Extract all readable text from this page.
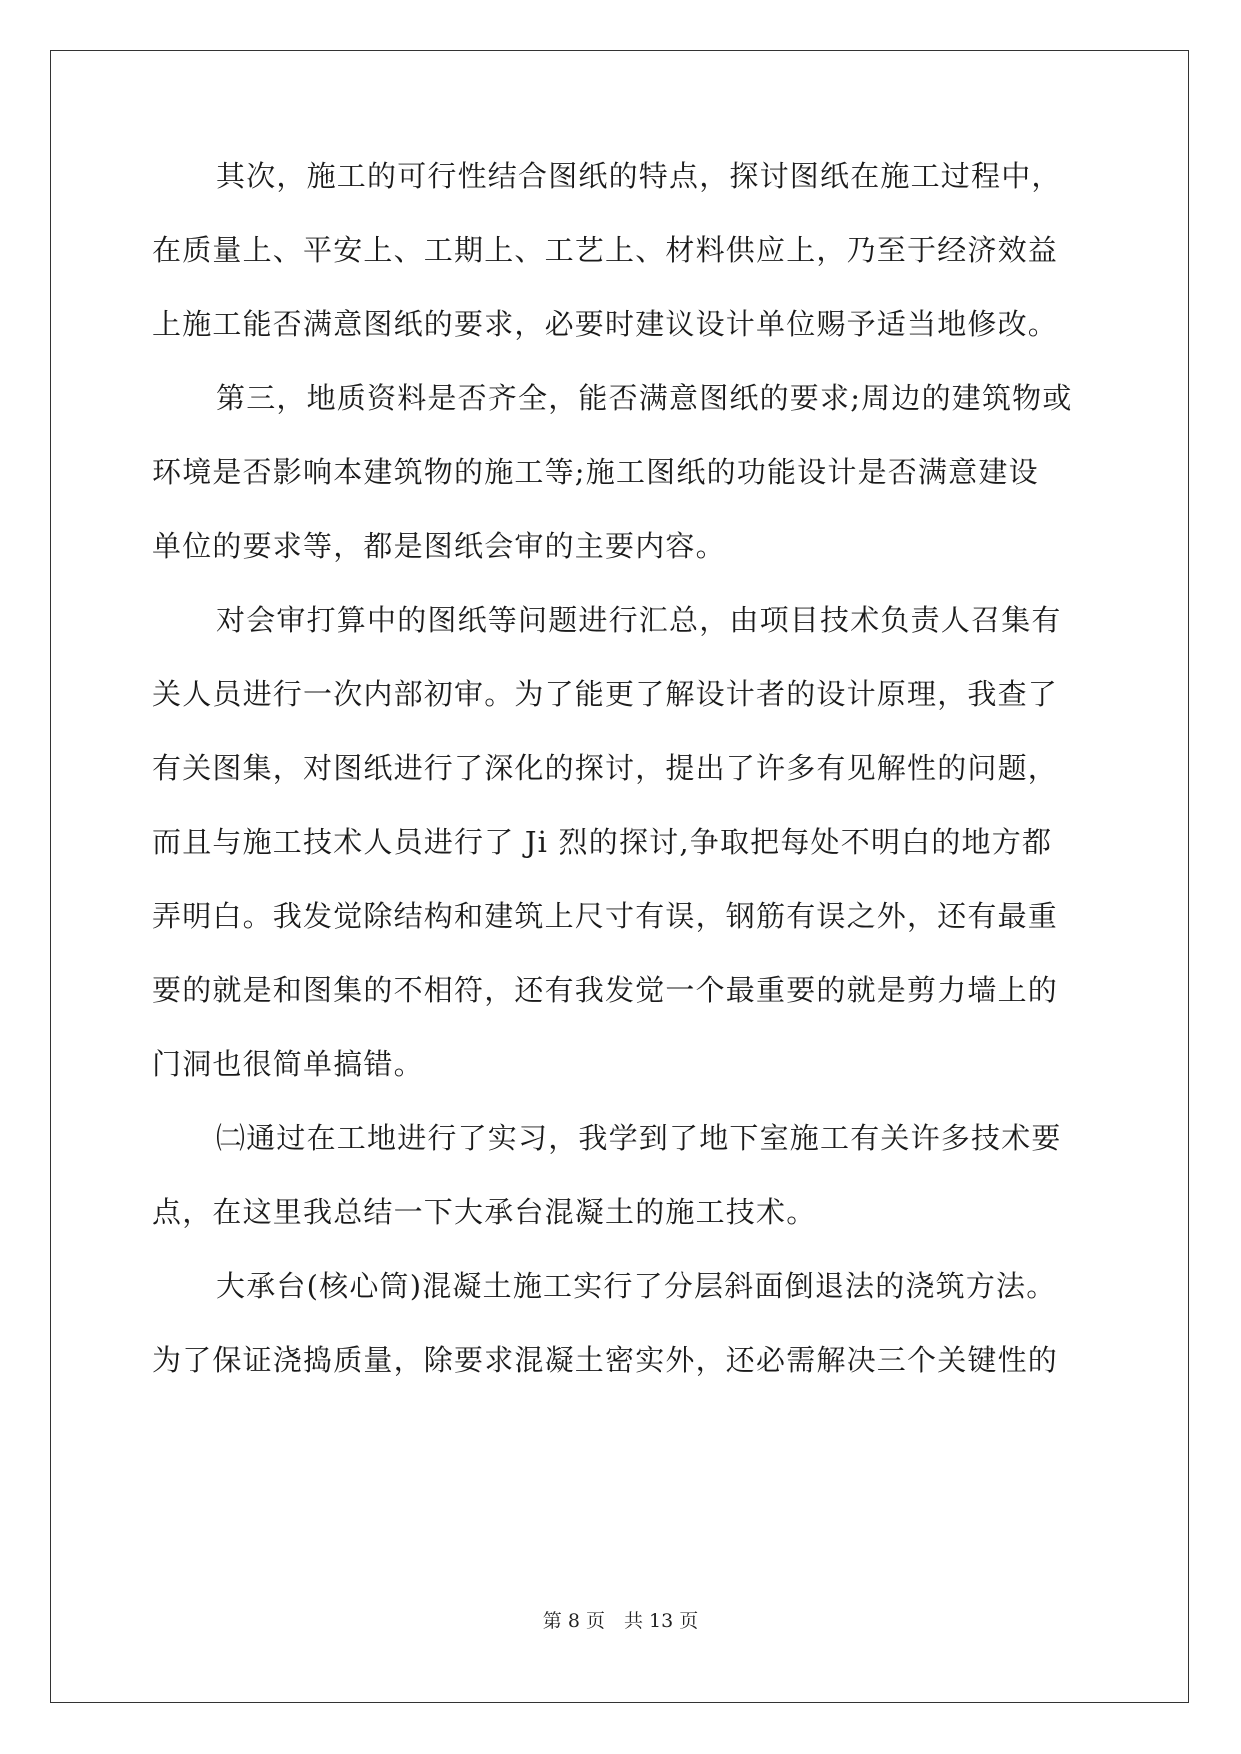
其次，施工的可行性结合图纸的特点，探讨图纸在施工过程中，
在质量上、平安上、工期上、工艺上、材料供应上，乃至于经济效益
上施工能否满意图纸的要求，必要时建议设计单位赐予适当地修改。
第三，地质资料是否齐全，能否满意图纸的要求;周边的建筑物或
环境是否影响本建筑物的施工等;施工图纸的功能设计是否满意建设
单位的要求等，都是图纸会审的主要内容。
对会审打算中的图纸等问题进行汇总，由项目技术负责人召集有
关人员进行一次内部初审。为了能更了解设计者的设计原理，我查了
有关图集，对图纸进行了深化的探讨，提出了许多有见解性的问题，
而且与施工技术人员进行了 Ji 烈的探讨,争取把每处不明白的地方都
弄明白。我发觉除结构和建筑上尺寸有误，钢筋有误之外，还有最重
要的就是和图集的不相符，还有我发觉一个最重要的就是剪力墙上的
门洞也很简单搞错。
㈡通过在工地进行了实习，我学到了地下室施工有关许多技术要
点，在这里我总结一下大承台混凝土的施工技术。
大承台(核心筒)混凝土施工实行了分层斜面倒退法的浇筑方法。
为了保证浇捣质量，除要求混凝土密实外，还必需解决三个关键性的
第 8 页　共 13 页
